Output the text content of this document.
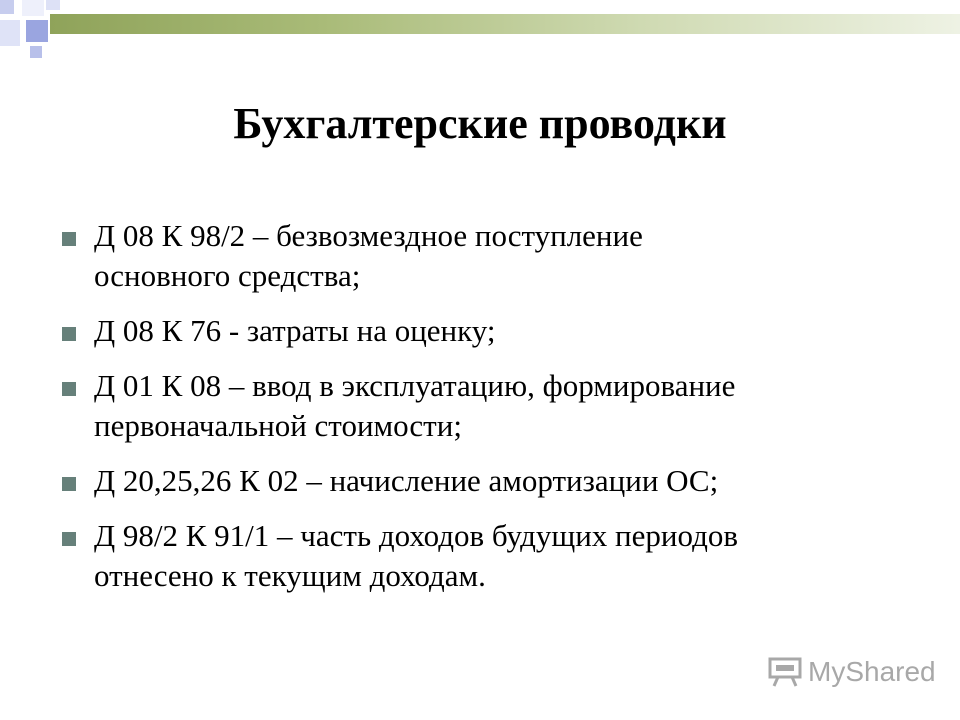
Бухгалтерские проводки
Д 08 К 98/2 – безвозмездное поступление
основного средства;
Д 08 К 76 - затраты на оценку;
Д 01 К 08 – ввод в эксплуатацию, формирование
первоначальной стоимости;
Д 20,25,26 К 02 – начисление амортизации ОС;
Д 98/2 К 91/1 – часть доходов будущих периодов
отнесено к текущим доходам.
MyShared
